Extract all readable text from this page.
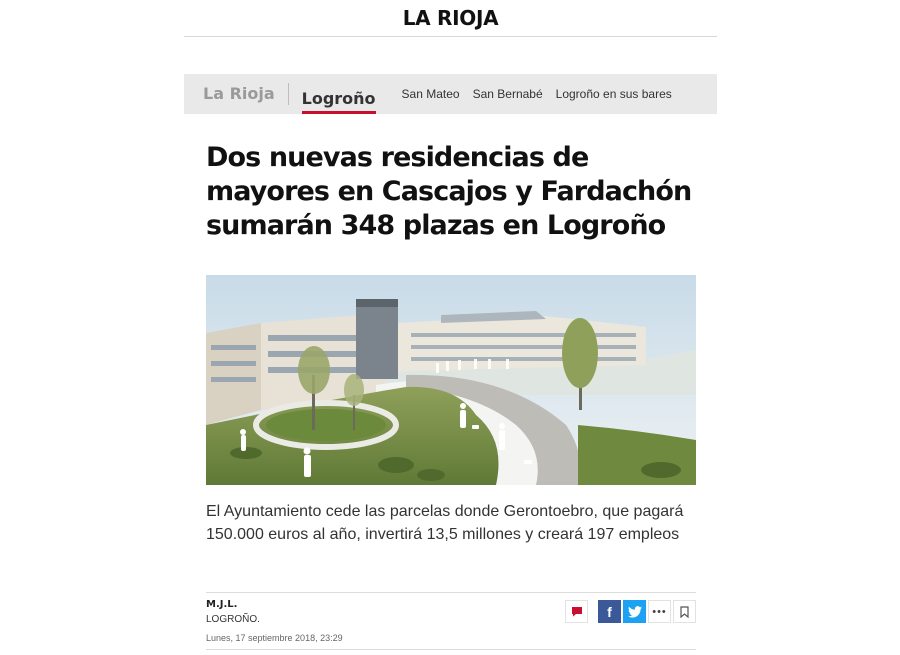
LA RIOJA
La Rioja	Logroño San Mateo San Bernabé Logroño en sus bares
Dos nuevas residencias de mayores en Cascajos y Fardachón sumarán 348 plazas en Logroño

El Ayuntamiento cede las parcelas donde Gerontoebro, que pagará 150.000 euros al año, invertirá 13,5 millones y creará 197 empleos

M.J.L.
LOGROÑO.
Lunes, 17 septiembre 2018, 23:29
f	•••
